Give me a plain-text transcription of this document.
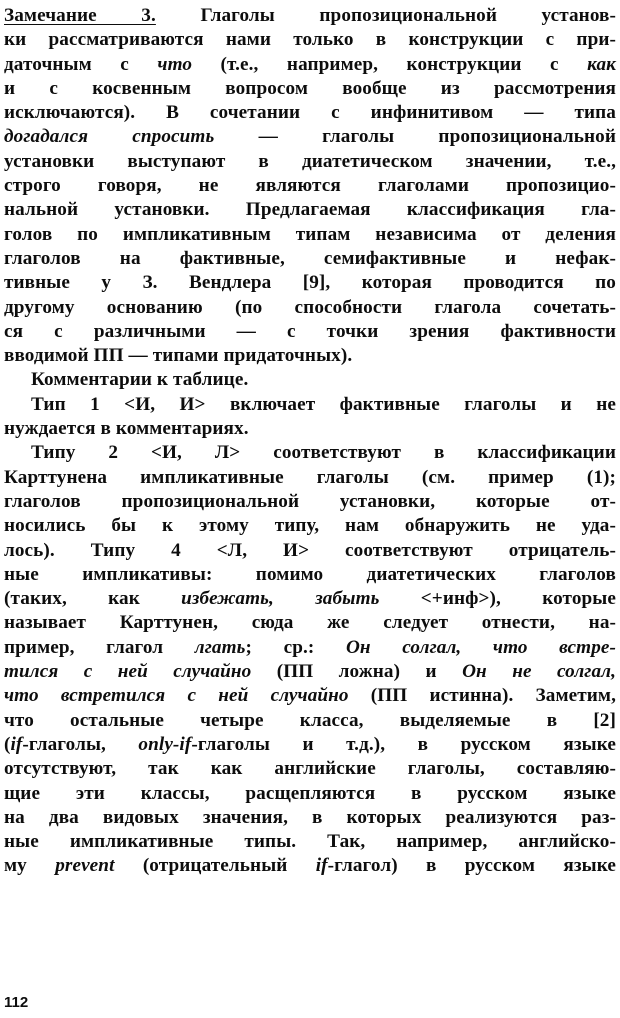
Замечание 3. Глаголы пропозициональной установ-
ки рассматриваются нами только в конструкции с при-
даточным с что (т.е., например, конструкции с как
и с косвенным вопросом вообще из рассмотрения
исключаются). В сочетании с инфинитивом — типа
догадался спросить — глаголы пропозициональной
установки выступают в диатетическом значении, т.е.,
строго говоря, не являются глаголами пропозицио-
нальной установки. Предлагаемая классификация гла-
голов по импликативным типам независима от деления
глаголов на фактивные, семифактивные и нефак-
тивные у З. Вендлера [9], которая проводится по
другому основанию (по способности глагола сочетать-
ся с различными — с точки зрения фактивности
вводимой ПП — типами придаточных).
Комментарии к таблице.
Тип 1 <И, И> включает фактивные глаголы и не
нуждается в комментариях.
Типу 2 <И, Л> соответствуют в классификации
Карттунена импликативные глаголы (см. пример (1);
глаголов пропозициональной установки, которые от-
носились бы к этому типу, нам обнаружить не уда-
лось). Типу 4 <Л, И> соответствуют отрицатель-
ные импликативы: помимо диатетических глаголов
(таких, как избежать, забыть <+инф>), которые
называет Карттунен, сюда же следует отнести, на-
пример, глагол лгать; ср.: Он солгал, что встре-
тился с ней случайно (ПП ложна) и Он не солгал,
что встретился с ней случайно (ПП истинна). Заметим,
что остальные четыре класса, выделяемые в [2]
(if-глаголы, only-if-глаголы и т.д.), в русском языке
отсутствуют, так как английские глаголы, составляю-
щие эти классы, расщепляются в русском языке
на два видовых значения, в которых реализуются раз-
ные импликативные типы. Так, например, английско-
му prevent (отрицательный if-глагол) в русском языке
112
